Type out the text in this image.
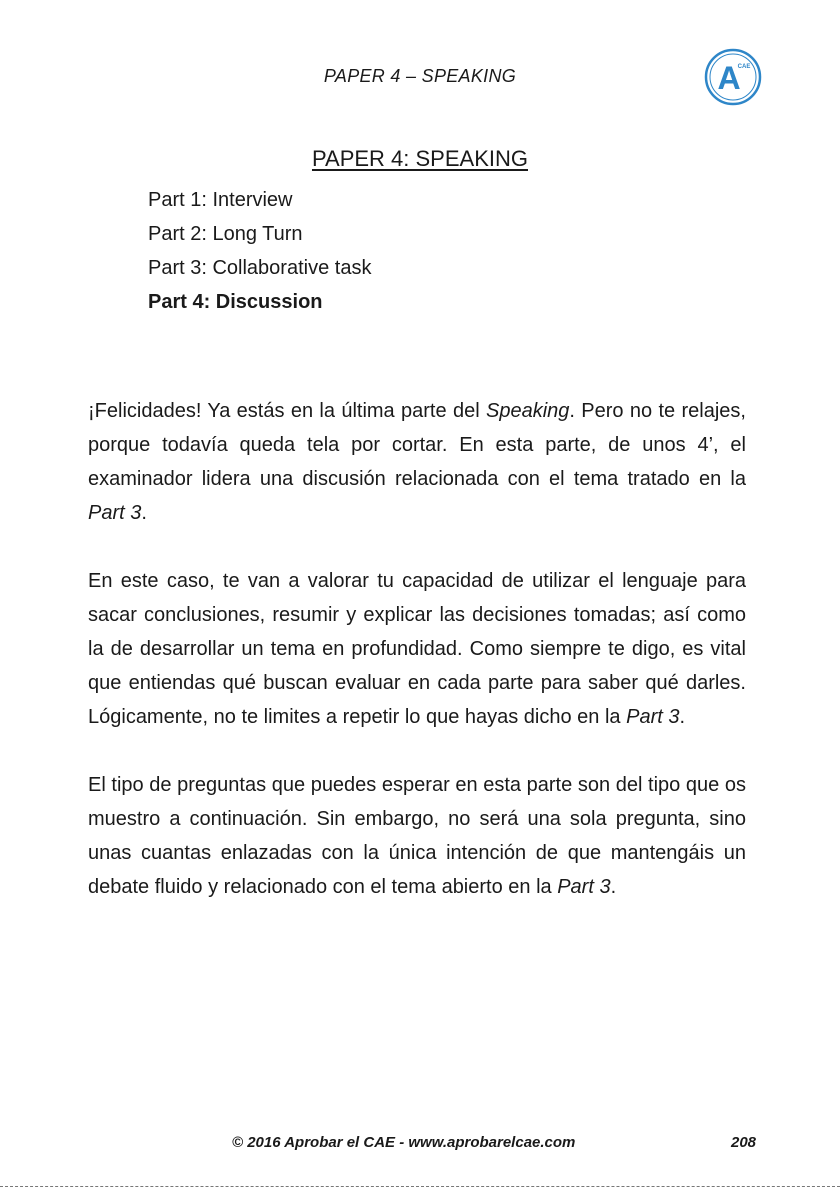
PAPER 4 – SPEAKING	A
CAE
PAPER 4: SPEAKING
Part 1: Interview
Part 2: Long Turn
Part 3: Collaborative task
Part 4: Discussion

¡Felicidades! Ya estás en la última parte del Speaking. Pero no te relajes, porque todavía queda tela por cortar. En esta parte, de unos 4’, el examinador lidera una discusión relacionada con el tema tratado en la Part 3.

En este caso, te van a valorar tu capacidad de utilizar el lenguaje para sacar conclusiones, resumir y explicar las decisiones tomadas; así como la de desarrollar un tema en profundidad. Como siempre te digo, es vital que entiendas qué buscan evaluar en cada parte para saber qué darles. Lógicamente, no te limites a repetir lo que hayas dicho en la Part 3.

El tipo de preguntas que puedes esperar en esta parte son del tipo que os muestro a continuación. Sin embargo, no será una sola pregunta, sino unas cuantas enlazadas con la única intención de que mantengáis un debate fluido y relacionado con el tema abierto en la Part 3.

© 2016 Aprobar el CAE - www.aprobarelcae.com	208
